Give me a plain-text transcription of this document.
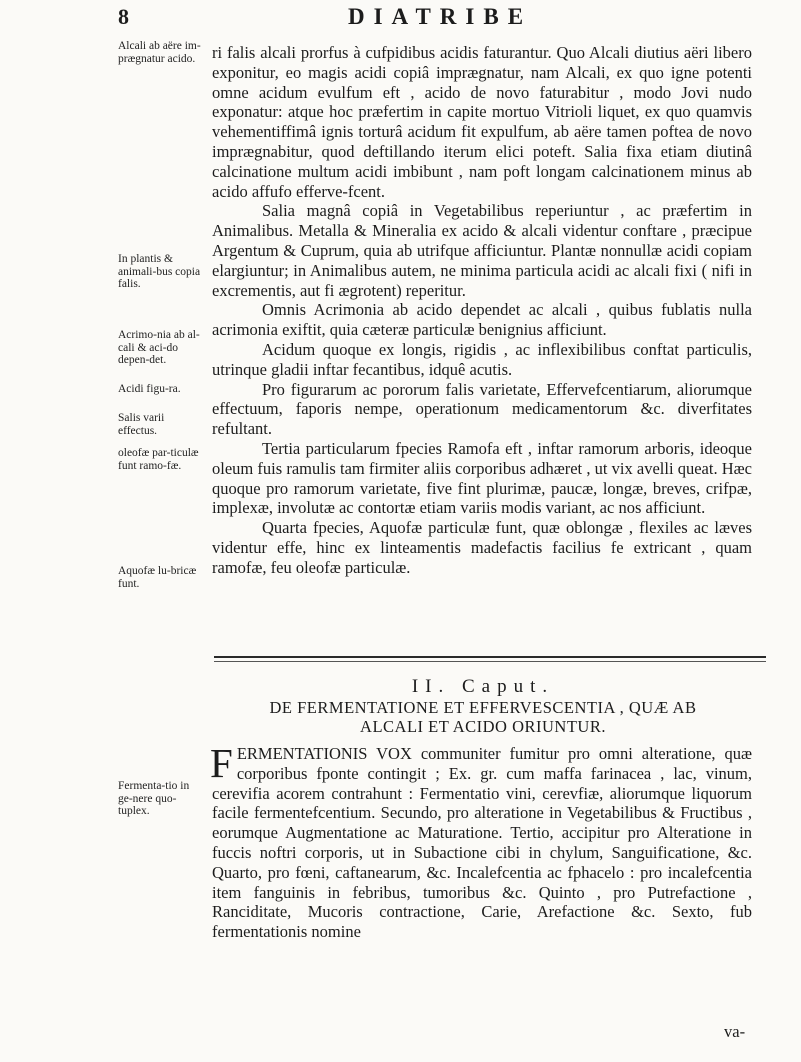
8	DIATRIBE
Alcali ab aëre im-prægnatur acido.
In plantis & animali-bus copia falis.
Acrimo-nia ab al-cali & aci-do depen-det.
Acidi figu-ra.
Salis varii effectus.
oleofæ par-ticulæ funt ramo-fæ.
Aquofæ lu-bricæ funt.
Fermenta-tio in ge-nere quo-tuplex.

ri falis alcali prorfus à cufpidibus acidis faturantur. Quo Alcali diutius aëri libero exponitur, eo magis acidi copiâ imprægnatur, nam Alcali, ex quo igne potenti omne acidum evulfum eft , acido de novo faturabitur , modo Jovi nudo exponatur: atque hoc præfertim in capite mortuo Vitrioli liquet, ex quo quamvis vehementiffimâ ignis torturâ acidum fit expulfum, ab aëre tamen poftea de novo imprægnabitur, quod deftillando iterum elici poteft. Salia fixa etiam diutinâ calcinatione multum acidi imbibunt , nam poft longam calcinationem minus ab acido affufo efferve-fcent.

Salia magnâ copiâ in Vegetabilibus reperiuntur , ac præfertim in Animalibus. Metalla & Mineralia ex acido & alcali videntur conftare , præcipue Argentum & Cuprum, quia ab utrifque afficiuntur. Plantæ nonnullæ acidi copiam elargiuntur; in Animalibus autem, ne minima particula acidi ac alcali fixi ( nifi in excrementis, aut fi ægrotent) reperitur.

Omnis Acrimonia ab acido dependet ac alcali , quibus fublatis nulla acrimonia exiftit, quia cæteræ particulæ benignius afficiunt.

Acidum quoque ex longis, rigidis , ac inflexibilibus conftat particulis, utrinque gladii inftar fecantibus, idquê acutis.

Pro figurarum ac pororum falis varietate, Effervefcentiarum, aliorumque effectuum, faporis nempe, operationum medicamentorum &c. diverfitates refultant.

Tertia particularum fpecies Ramofa eft , inftar ramorum arboris, ideoque oleum fuis ramulis tam firmiter aliis corporibus adhæret , ut vix avelli queat. Hæc quoque pro ramorum varietate, five fint plurimæ, paucæ, longæ, breves, crifpæ, implexæ, involutæ ac contortæ etiam variis modis variant, ac nos afficiunt.

Quarta fpecies, Aquofæ particulæ funt, quæ oblongæ , flexiles ac læves videntur effe, hinc ex linteamentis madefactis facilius fe extricant , quam ramofæ, feu oleofæ particulæ.

II. Caput.
DE FERMENTATIONE ET EFFERVESCENTIA , QUÆ AB
ALCALI ET ACIDO ORIUNTUR.
F ERMENTATIONIS VOX communiter fumitur pro omni alteratione, quæ corporibus fponte contingit ; Ex. gr. cum maffa farinacea , lac, vinum, cerevifia acorem contrahunt : Fermentatio vini, cerevfiæ, aliorumque liquorum facile fermentefcentium. Secundo, pro alteratione in Vegetabilibus & Fructibus , eorumque Augmentatione ac Maturatione. Tertio, accipitur pro Alteratione in fuccis noftri corporis, ut in Subactione cibi in chylum, Sanguificatione, &c. Quarto, pro fœni, caftanearum, &c. Incalefcentia ac fphacelo : pro incalefcentia item fanguinis in febribus, tumoribus &c. Quinto , pro Putrefactione , Ranciditate, Mucoris contractione, Carie, Arefactione &c. Sexto, fub fermentationis nomine

va-
